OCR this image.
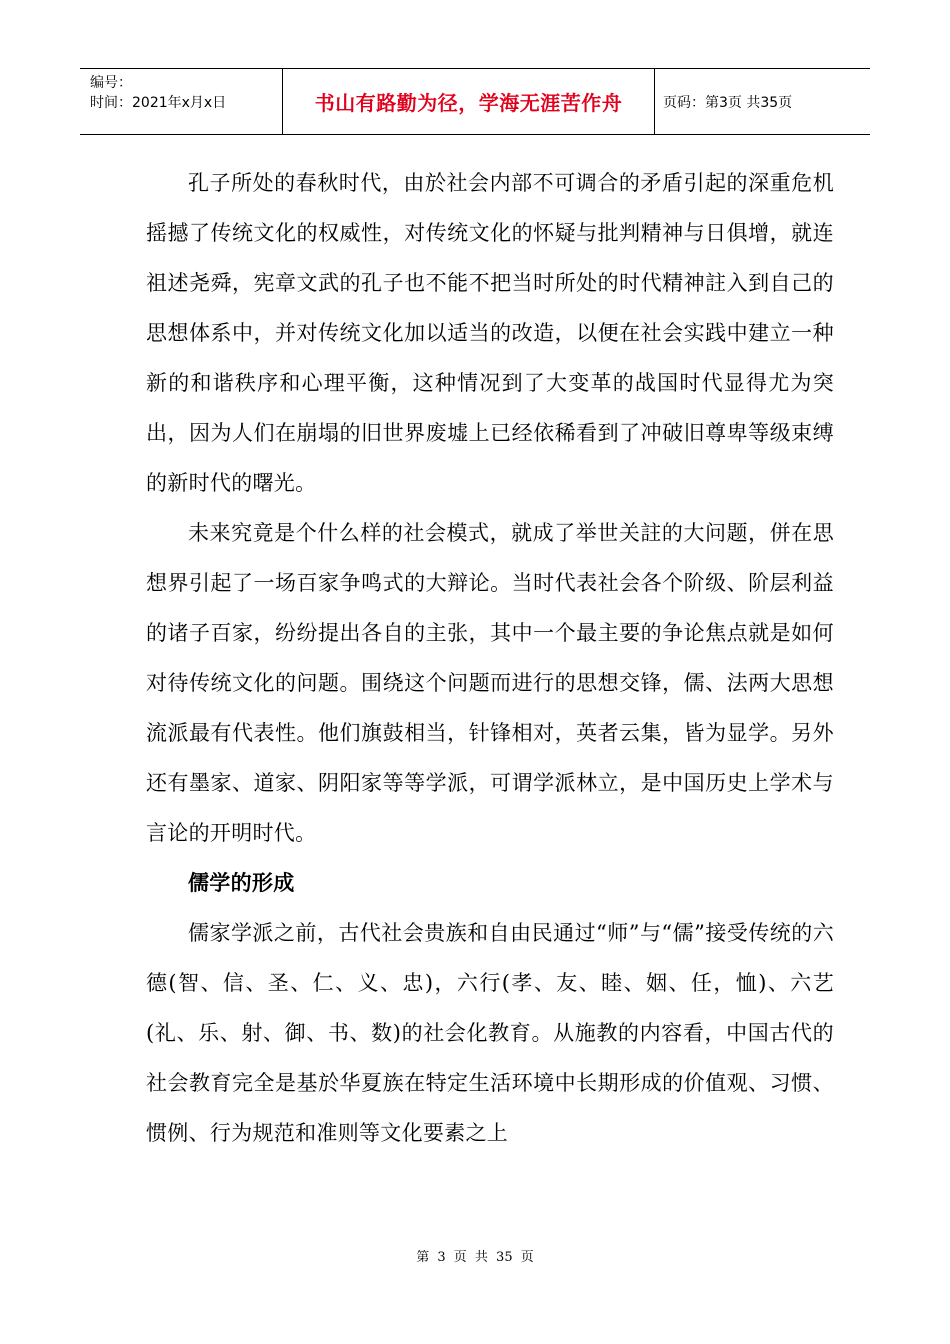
编号：
时间：2021年x月x日	书山有路勤为径，学海无涯苦作舟	页码：第3页 共35页

孔子所处的春秋时代，由於社会内部不可调合的矛盾引起的深重危机摇撼了传统文化的权威性，对传统文化的怀疑与批判精神与日俱增，就连祖述尧舜，宪章文武的孔子也不能不把当时所处的时代精神註入到自己的思想体系中，并对传统文化加以适当的改造，以便在社会实践中建立一种新的和谐秩序和心理平衡，这种情况到了大变革的战国时代显得尤为突出，因为人们在崩塌的旧世界废墟上已经依稀看到了冲破旧尊卑等级束缚的新时代的曙光。

未来究竟是个什么样的社会模式，就成了举世关註的大问题，併在思想界引起了一场百家争鸣式的大辩论。当时代表社会各个阶级、阶层利益的诸子百家，纷纷提出各自的主张，其中一个最主要的争论焦点就是如何对待传统文化的问题。围绕这个问题而进行的思想交锋，儒、法两大思想流派最有代表性。他们旗鼓相当，针锋相对，英者云集，皆为显学。另外还有墨家、道家、阴阳家等等学派，可谓学派林立，是中国历史上学术与言论的开明时代。

儒学的形成

儒家学派之前，古代社会贵族和自由民通过“师”与“儒”接受传统的六德(智、信、圣、仁、义、忠)，六行(孝、友、睦、姻、任，恤)、六艺(礼、乐、射、御、书、数)的社会化教育。从施教的内容看，中国古代的社会教育完全是基於华夏族在特定生活环境中长期形成的价值观、习惯、惯例、行为规范和准则等文化要素之上

第 3 页 共 35 页
